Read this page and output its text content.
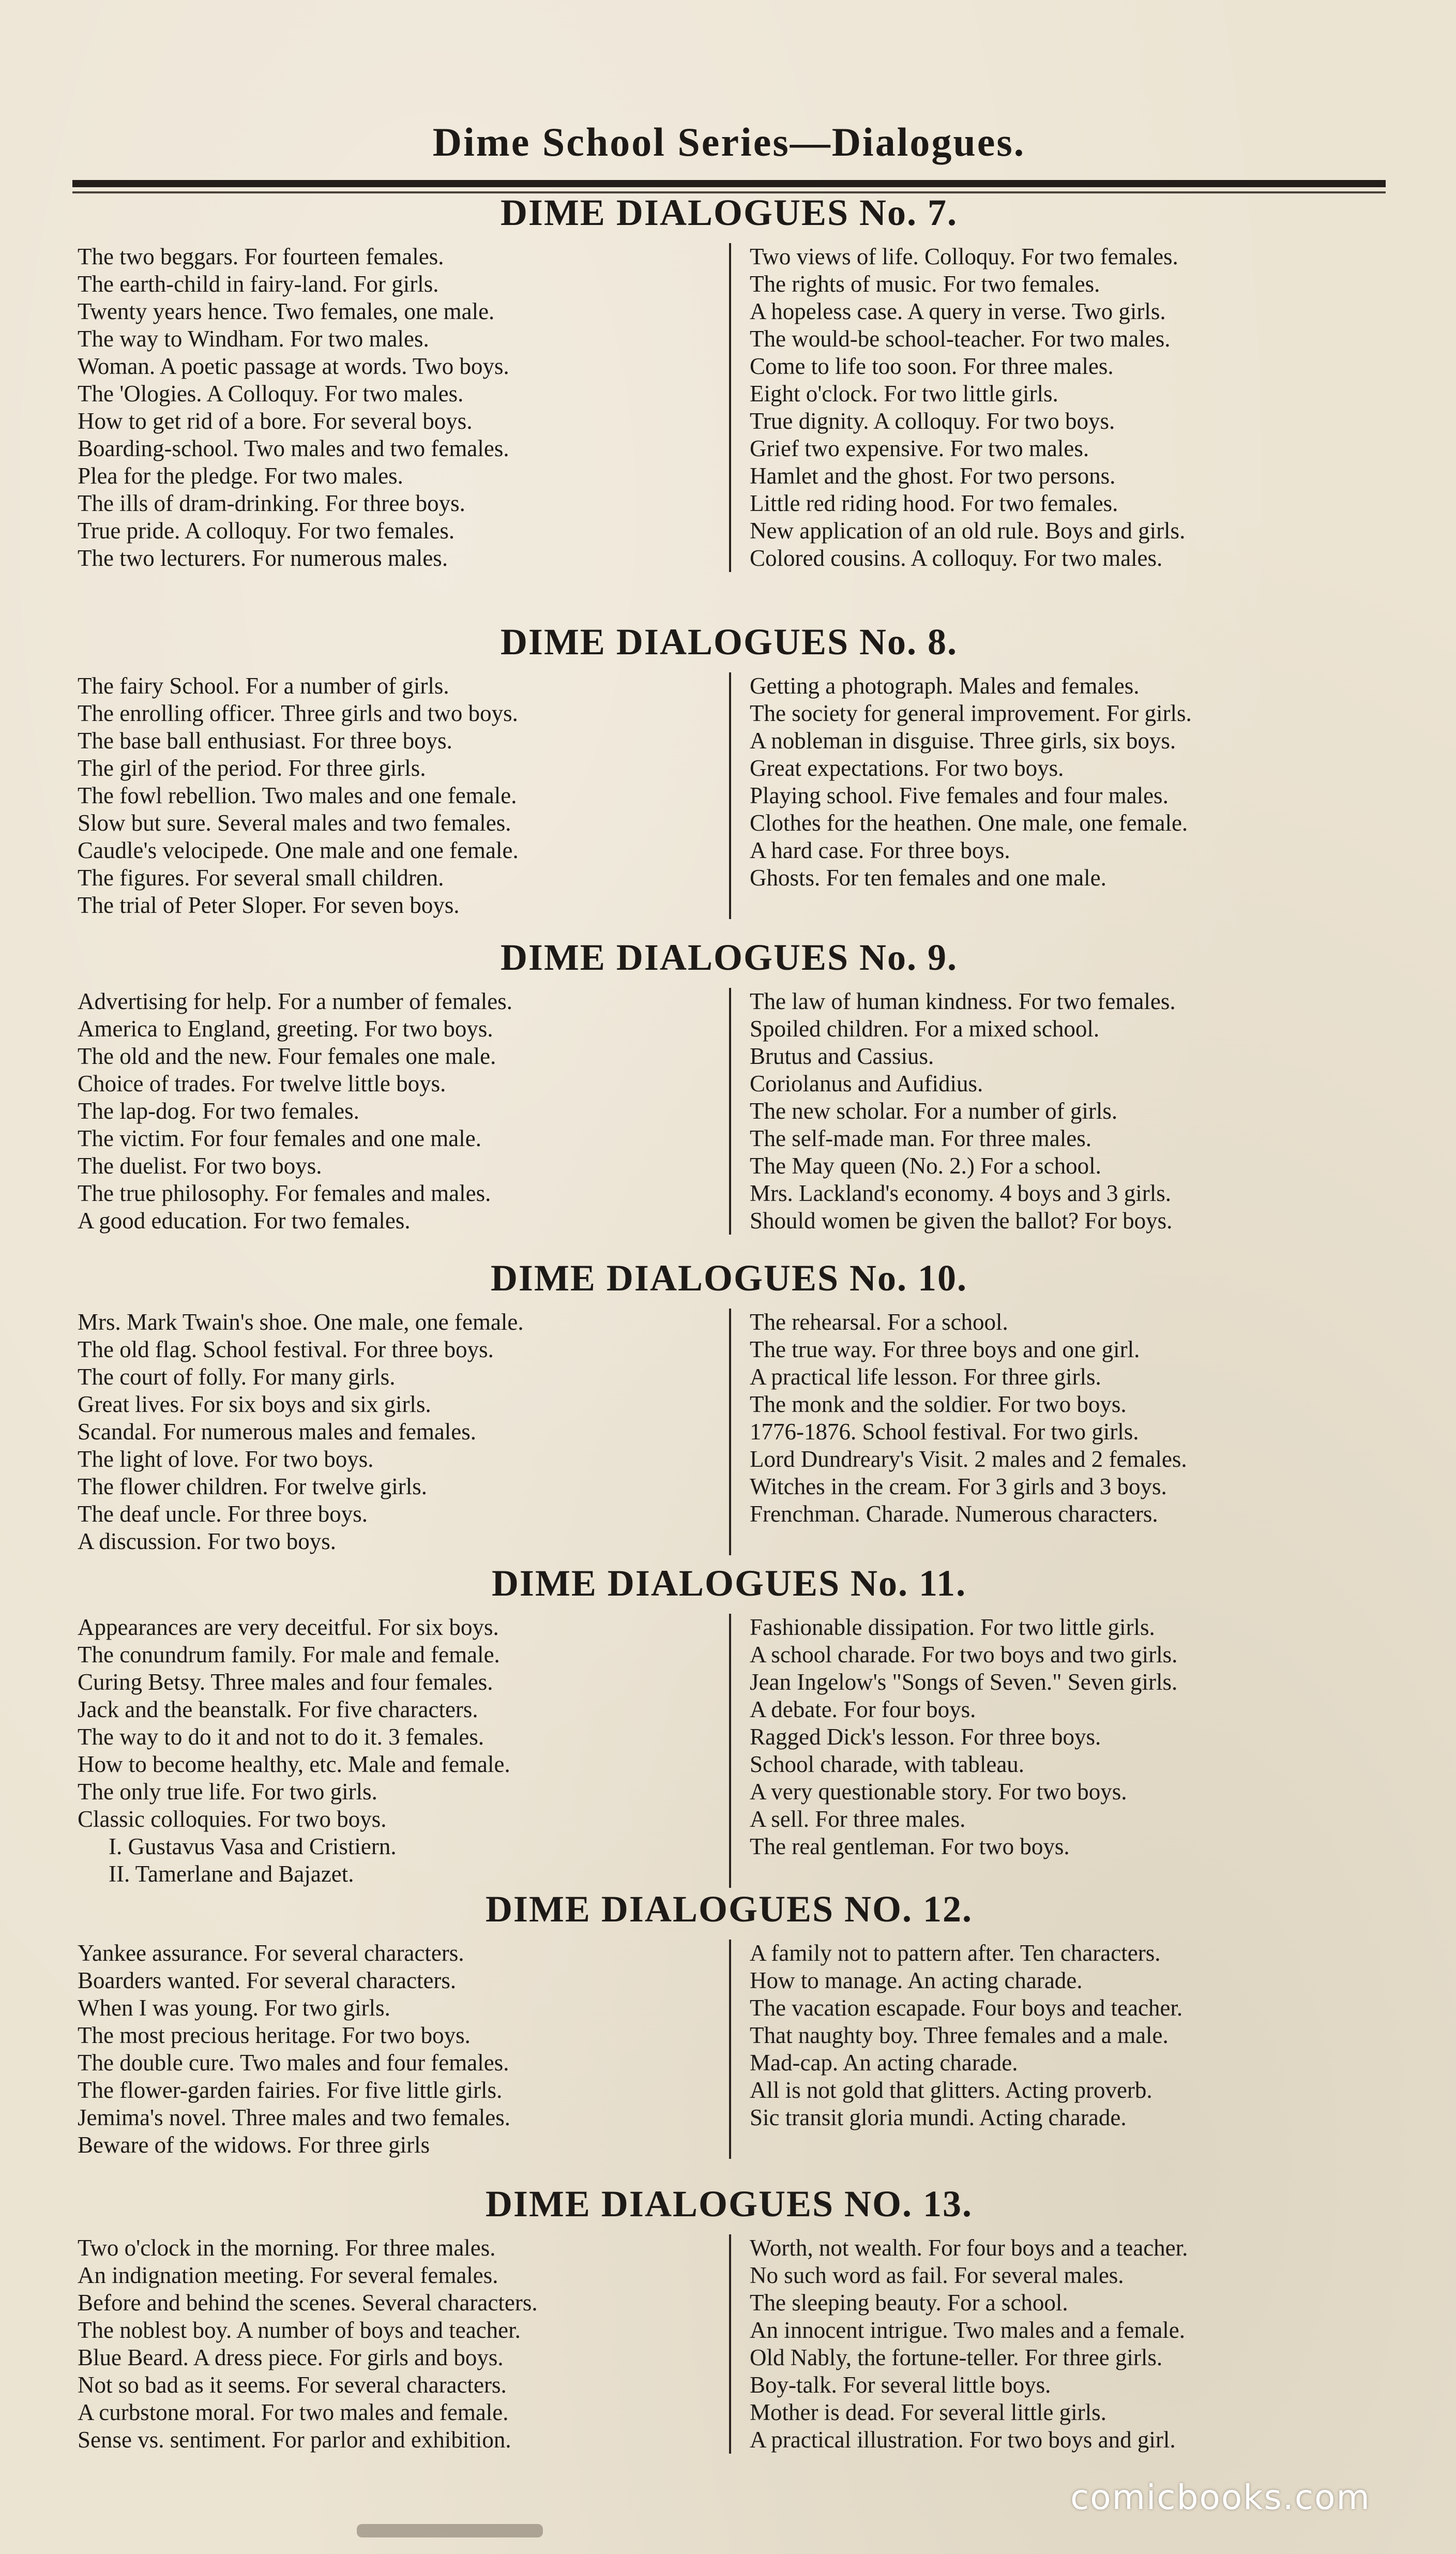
Dime School Series—Dialogues.
DIME DIALOGUES No. 7.
The two beggars. For fourteen females.
The earth-child in fairy-land. For girls.
Twenty years hence. Two females, one male.
The way to Windham. For two males.
Woman. A poetic passage at words. Two boys.
The 'Ologies. A Colloquy. For two males.
How to get rid of a bore. For several boys.
Boarding-school. Two males and two females.
Plea for the pledge. For two males.
The ills of dram-drinking. For three boys.
True pride. A colloquy. For two females.
The two lecturers. For numerous males.
Two views of life. Colloquy. For two females.
The rights of music. For two females.
A hopeless case. A query in verse. Two girls.
The would-be school-teacher. For two males.
Come to life too soon. For three males.
Eight o'clock. For two little girls.
True dignity. A colloquy. For two boys.
Grief two expensive. For two males.
Hamlet and the ghost. For two persons.
Little red riding hood. For two females.
New application of an old rule. Boys and girls.
Colored cousins. A colloquy. For two males.
DIME DIALOGUES No. 8.
The fairy School. For a number of girls.
The enrolling officer. Three girls and two boys.
The base ball enthusiast. For three boys.
The girl of the period. For three girls.
The fowl rebellion. Two males and one female.
Slow but sure. Several males and two females.
Caudle's velocipede. One male and one female.
The figures. For several small children.
The trial of Peter Sloper. For seven boys.
Getting a photograph. Males and females.
The society for general improvement. For girls.
A nobleman in disguise. Three girls, six boys.
Great expectations. For two boys.
Playing school. Five females and four males.
Clothes for the heathen. One male, one female.
A hard case. For three boys.
Ghosts. For ten females and one male.
DIME DIALOGUES No. 9.
Advertising for help. For a number of females.
America to England, greeting. For two boys.
The old and the new. Four females one male.
Choice of trades. For twelve little boys.
The lap-dog. For two females.
The victim. For four females and one male.
The duelist. For two boys.
The true philosophy. For females and males.
A good education. For two females.
The law of human kindness. For two females.
Spoiled children. For a mixed school.
Brutus and Cassius.
Coriolanus and Aufidius.
The new scholar. For a number of girls.
The self-made man. For three males.
The May queen (No. 2.) For a school.
Mrs. Lackland's economy. 4 boys and 3 girls.
Should women be given the ballot? For boys.
DIME DIALOGUES No. 10.
Mrs. Mark Twain's shoe. One male, one female.
The old flag. School festival. For three boys.
The court of folly. For many girls.
Great lives. For six boys and six girls.
Scandal. For numerous males and females.
The light of love. For two boys.
The flower children. For twelve girls.
The deaf uncle. For three boys.
A discussion. For two boys.
The rehearsal. For a school.
The true way. For three boys and one girl.
A practical life lesson. For three girls.
The monk and the soldier. For two boys.
1776-1876. School festival. For two girls.
Lord Dundreary's Visit. 2 males and 2 females.
Witches in the cream. For 3 girls and 3 boys.
Frenchman. Charade. Numerous characters.
DIME DIALOGUES No. 11.
Appearances are very deceitful. For six boys.
The conundrum family. For male and female.
Curing Betsy. Three males and four females.
Jack and the beanstalk. For five characters.
The way to do it and not to do it. 3 females.
How to become healthy, etc. Male and female.
The only true life. For two girls.
Classic colloquies. For two boys.
I. Gustavus Vasa and Cristiern.
II. Tamerlane and Bajazet.
Fashionable dissipation. For two little girls.
A school charade. For two boys and two girls.
Jean Ingelow's "Songs of Seven." Seven girls.
A debate. For four boys.
Ragged Dick's lesson. For three boys.
School charade, with tableau.
A very questionable story. For two boys.
A sell. For three males.
The real gentleman. For two boys.
DIME DIALOGUES NO. 12.
Yankee assurance. For several characters.
Boarders wanted. For several characters.
When I was young. For two girls.
The most precious heritage. For two boys.
The double cure. Two males and four females.
The flower-garden fairies. For five little girls.
Jemima's novel. Three males and two females.
Beware of the widows. For three girls
A family not to pattern after. Ten characters.
How to manage. An acting charade.
The vacation escapade. Four boys and teacher.
That naughty boy. Three females and a male.
Mad-cap. An acting charade.
All is not gold that glitters. Acting proverb.
Sic transit gloria mundi. Acting charade.
DIME DIALOGUES NO. 13.
Two o'clock in the morning. For three males.
An indignation meeting. For several females.
Before and behind the scenes. Several characters.
The noblest boy. A number of boys and teacher.
Blue Beard. A dress piece. For girls and boys.
Not so bad as it seems. For several characters.
A curbstone moral. For two males and female.
Sense vs. sentiment. For parlor and exhibition.
Worth, not wealth. For four boys and a teacher.
No such word as fail. For several males.
The sleeping beauty. For a school.
An innocent intrigue. Two males and a female.
Old Nably, the fortune-teller. For three girls.
Boy-talk. For several little boys.
Mother is dead. For several little girls.
A practical illustration. For two boys and girl.
comicbooks.com
